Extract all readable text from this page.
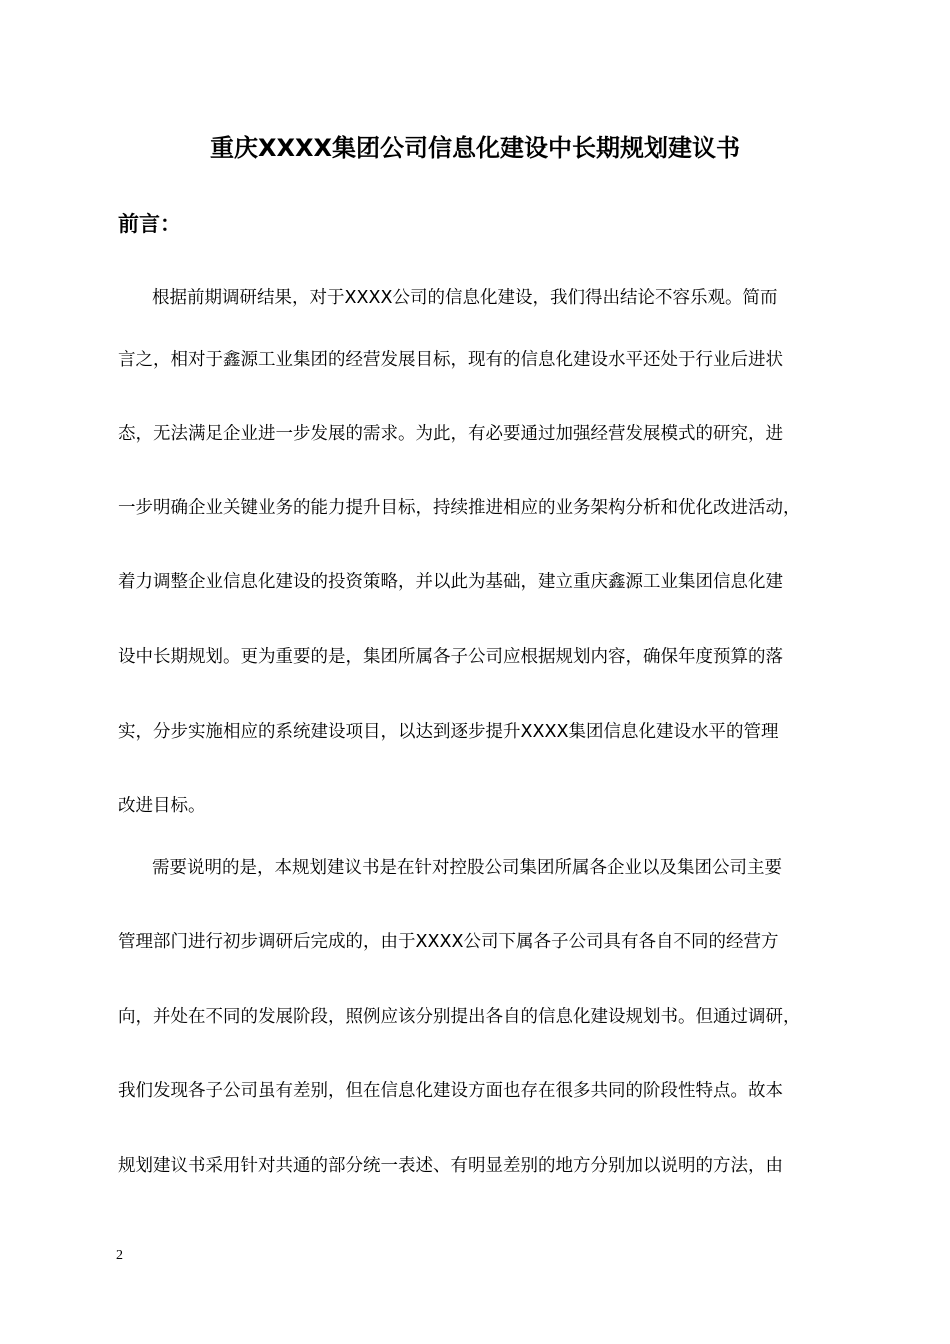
重庆XXXX集团公司信息化建设中长期规划建议书
前言：

根据前期调研结果，对于XXXX公司的信息化建设，我们得出结论不容乐观。简而

言之，相对于鑫源工业集团的经营发展目标，现有的信息化建设水平还处于行业后进状

态，无法满足企业进一步发展的需求。为此，有必要通过加强经营发展模式的研究，进

一步明确企业关键业务的能力提升目标，持续推进相应的业务架构分析和优化改进活动，

着力调整企业信息化建设的投资策略，并以此为基础，建立重庆鑫源工业集团信息化建

设中长期规划。更为重要的是，集团所属各子公司应根据规划内容，确保年度预算的落

实，分步实施相应的系统建设项目，以达到逐步提升XXXX集团信息化建设水平的管理

改进目标。

需要说明的是，本规划建议书是在针对控股公司集团所属各企业以及集团公司主要

管理部门进行初步调研后完成的，由于XXXX公司下属各子公司具有各自不同的经营方

向，并处在不同的发展阶段，照例应该分别提出各自的信息化建设规划书。但通过调研，

我们发现各子公司虽有差别，但在信息化建设方面也存在很多共同的阶段性特点。故本

规划建议书采用针对共通的部分统一表述、有明显差别的地方分别加以说明的方法，由

2
